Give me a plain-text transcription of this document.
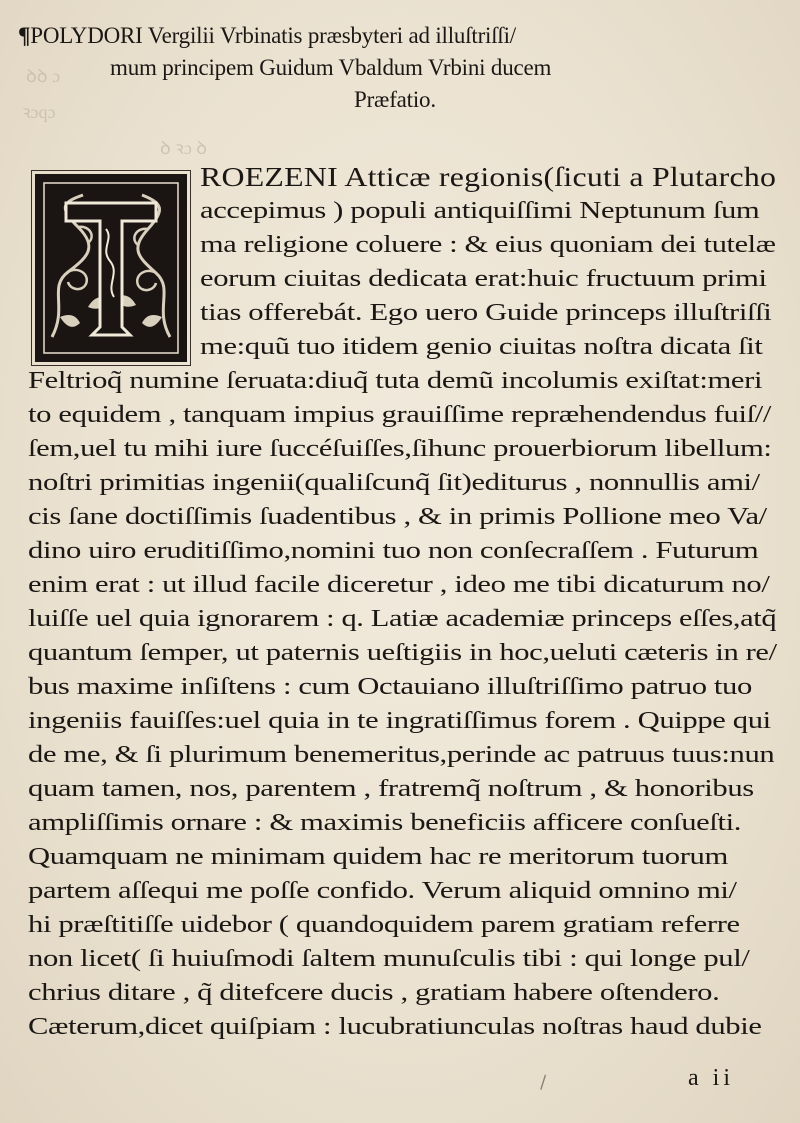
ꝺꝺ ɔ
ꝛɔqɔ
ꝺ ꝛɔ ꝺ
¶POLYDORI Vergilii Vrbinatis præsbyteri ad illuſtriſſi/
mum principem Guidum Vbaldum Vrbini ducem
Præfatio.
ROEZENI Atticæ regionis(ſicuti a Plutarcho
accepimus ) populi antiquiſſimi Neptunum ſum
ma religione coluere : & eius quoniam dei tutelæ
eorum ciuitas dedicata erat:huic fructuum primi
tias offerebát. Ego uero Guide princeps illuſtriſſi
me:quũ tuo itidem genio ciuitas noſtra dicata ſit
Feltrioq̃ numine ſeruata:diuq̃ tuta demũ incolumis exiſtat:meri
to equidem , tanquam impius grauiſſime repræhendendus fuiſ//
ſem,uel tu mihi iure ſuccéſuiſſes,ſihunc prouerbiorum libellum:
noſtri primitias ingenii(qualiſcunq̃ ſit)editurus , nonnullis ami/
cis ſane doctiſſimis ſuadentibus , & in primis Pollione meo Va/
dino uiro eruditiſſimo,nomini tuo non conſecraſſem . Futurum
enim erat : ut illud facile diceretur , ideo me tibi dicaturum no/
luiſſe uel quia ignorarem : q. Latiæ academiæ princeps eſſes,atq̃
quantum ſemper, ut paternis ueſtigiis in hoc,ueluti cæteris in re/
bus maxime inſiſtens : cum Octauiano illuſtriſſimo patruo tuo
ingeniis fauiſſes:uel quia in te ingratiſſimus forem . Quippe qui
de me, & ſi plurimum benemeritus,perinde ac patruus tuus:nun
quam tamen, nos, parentem , fratremq̃ noſtrum , & honoribus
ampliſſimis ornare : & maximis beneficiis afficere conſueſti.
Quamquam ne minimam quidem hac re meritorum tuorum
partem aſſequi me poſſe confido. Verum aliquid omnino mi/
hi præſtitiſſe uidebor ( quandoquidem parem gratiam referre
non licet( ſi huiuſmodi ſaltem munuſculis tibi : qui longe pul/
chrius ditare , q̃ ditefcere ducis , gratiam habere oſtendero.
Cæterum,dicet quiſpiam : lucubratiunculas noſtras haud dubie
\	a ii
